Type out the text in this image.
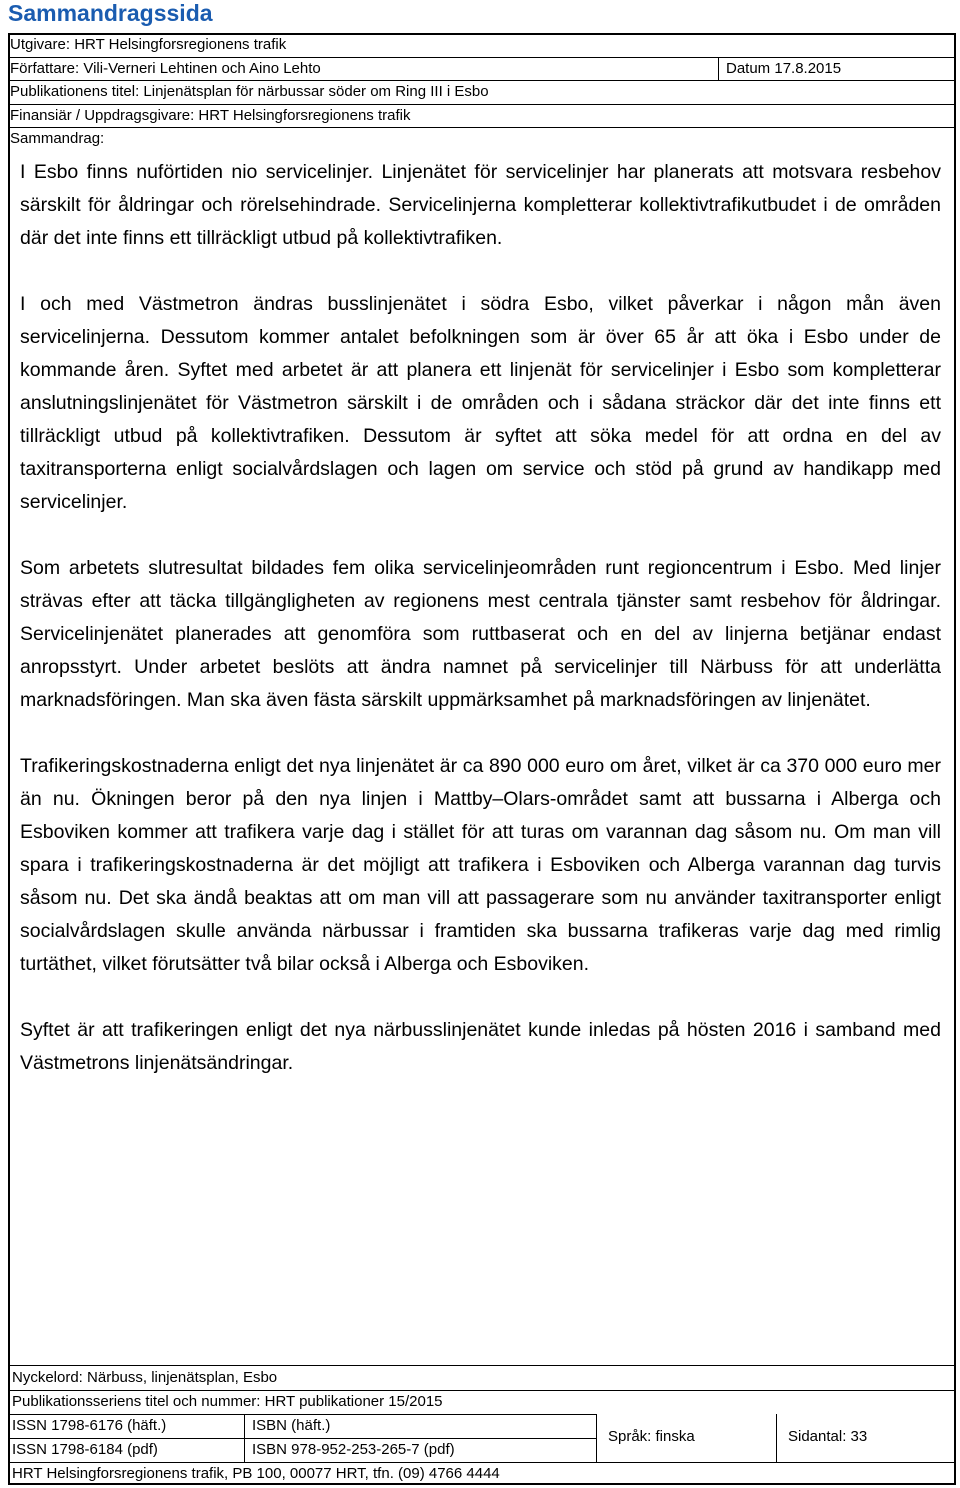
Sammandragssida
Utgivare: HRT Helsingforsregionens trafik
Författare: Vili-Verneri Lehtinen och Aino Lehto	Datum 17.8.2015
Publikationens titel: Linjenätsplan för närbussar söder om Ring III i Esbo
Finansiär / Uppdragsgivare: HRT Helsingforsregionens trafik
Sammandrag:

I Esbo finns nuförtiden nio servicelinjer. Linjenätet för servicelinjer har planerats att motsvara resbehov särskilt för åldringar och rörelsehindrade. Servicelinjerna kompletterar kollektivtrafikutbudet i de områden där det inte finns ett tillräckligt utbud på kollektivtrafiken.

I och med Västmetron ändras busslinjenätet i södra Esbo, vilket påverkar i någon mån även servicelinjerna. Dessutom kommer antalet befolkningen som är över 65 år att öka i Esbo under de kommande åren. Syftet med arbetet är att planera ett linjenät för servicelinjer i Esbo som kompletterar anslutningslinjenätet för Västmetron särskilt i de områden och i sådana sträckor där det inte finns ett tillräckligt utbud på kollektivtrafiken. Dessutom är syftet att söka medel för att ordna en del av taxitransporterna enligt socialvårdslagen och lagen om service och stöd på grund av handikapp med servicelinjer.

Som arbetets slutresultat bildades fem olika servicelinjeområden runt regioncentrum i Esbo. Med linjer strävas efter att täcka tillgängligheten av regionens mest centrala tjänster samt resbehov för åldringar. Servicelinjenätet planerades att genomföra som ruttbaserat och en del av linjerna betjänar endast anropsstyrt. Under arbetet beslöts att ändra namnet på servicelinjer till Närbuss för att underlätta marknadsföringen. Man ska även fästa särskilt uppmärksamhet på marknadsföringen av linjenätet.

Trafikeringskostnaderna enligt det nya linjenätet är ca 890 000 euro om året, vilket är ca 370 000 euro mer än nu. Ökningen beror på den nya linjen i Mattby–Olars-området samt att bussarna i Alberga och Esboviken kommer att trafikera varje dag i stället för att turas om varannan dag såsom nu. Om man vill spara i trafikeringskostnaderna är det möjligt att trafikera i Esboviken och Alberga varannan dag turvis såsom nu. Det ska ändå beaktas att om man vill att passagerare som nu använder taxitransporter enligt socialvårdslagen skulle använda närbussar i framtiden ska bussarna trafikeras varje dag med rimlig turtäthet, vilket förutsätter två bilar också i Alberga och Esboviken.

Syftet är att trafikeringen enligt det nya närbusslinjenätet kunde inledas på hösten 2016 i samband med Västmetrons linjenätsändringar.

Nyckelord: Närbuss, linjenätsplan, Esbo
Publikationsseriens titel och nummer: HRT publikationer 15/2015
ISSN 1798-6176 (häft.)	ISBN (häft.)
ISSN 1798-6184 (pdf)	ISBN 978-952-253-265-7 (pdf)
Språk: finska	Sidantal: 33
HRT Helsingforsregionens trafik, PB 100, 00077 HRT, tfn. (09) 4766 4444
